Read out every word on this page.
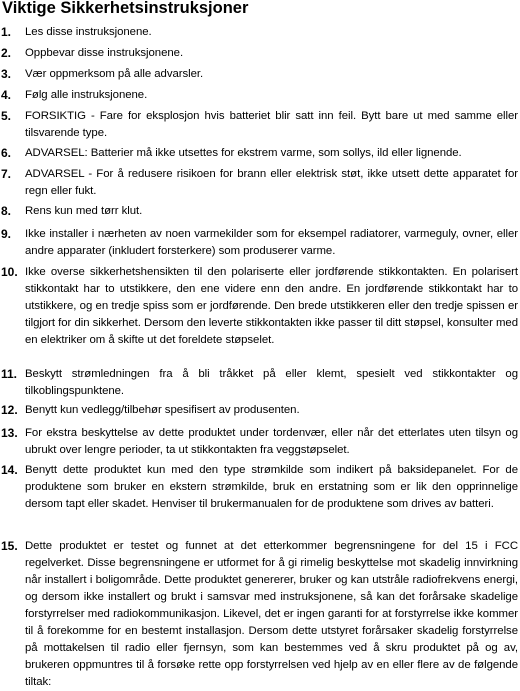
Viktige Sikkerhetsinstruksjoner
1.	Les disse instruksjonene.
2.	Oppbevar disse instruksjonene.
3.	Vær oppmerksom på alle advarsler.
4.	Følg alle instruksjonene.
5.	FORSIKTIG - Fare for eksplosjon hvis batteriet blir satt inn feil. Bytt bare ut med samme eller tilsvarende type.
6.	ADVARSEL: Batterier må ikke utsettes for ekstrem varme, som sollys, ild eller lignende.
7.	ADVARSEL - For å redusere risikoen for brann eller elektrisk støt, ikke utsett dette apparatet for regn eller fukt.
8.	Rens kun med tørr klut.
9.	Ikke installer i nærheten av noen varmekilder som for eksempel radiatorer, varmeguly, ovner, eller andre apparater (inkludert forsterkere) som produserer varme.
10. Ikke overse sikkerhetshensikten til den polariserte eller jordførende stikkontakten. En polarisert stikkontakt har to utstikkere, den ene videre enn den andre. En jordførende stikkontakt har to utstikkere, og en tredje spiss som er jordførende. Den brede utstikkeren eller den tredje spissen er tilgjort for din sikkerhet. Dersom den leverte stikkontakten ikke passer til ditt støpsel, konsulter med en elektriker om å skifte ut det foreldete støpselet.
11. Beskytt strømledningen fra å bli tråkket på eller klemt, spesielt ved stikkontakter og tilkoblingspunktene.
12. Benytt kun vedlegg/tilbehør spesifisert av produsenten.
13. For ekstra beskyttelse av dette produktet under tordenvær, eller når det etterlates uten tilsyn og ubrukt over lengre perioder, ta ut stikkontakten fra veggstøpselet.
14. Benytt dette produktet kun med den type strømkilde som indikert på baksidepanelet. For de produktene som bruker en ekstern strømkilde, bruk en erstatning som er lik den opprinnelige dersom tapt eller skadet. Henviser til brukermanualen for de produktene som drives av batteri.
15. Dette produktet er testet og funnet at det etterkommer begrensningene for del 15 i FCC regelverket. Disse begrensningene er utformet for å gi rimelig beskyttelse mot skadelig innvirkning når installert i boligområde. Dette produktet genererer, bruker og kan utstråle radiofrekvens energi, og dersom ikke installert og brukt i samsvar med instruksjonene, så kan det forårsake skadelige forstyrrelser med radiokommunikasjon. Likevel, det er ingen garanti for at forstyrrelse ikke kommer til å forekomme for en bestemt installasjon. Dersom dette utstyret forårsaker skadelig forstyrrelse på mottakelsen til radio eller fjernsyn, som kan bestemmes ved å skru produktet på og av, brukeren oppmuntres til å forsøke rette opp forstyrrelsen ved hjelp av en eller flere av de følgende tiltak:
